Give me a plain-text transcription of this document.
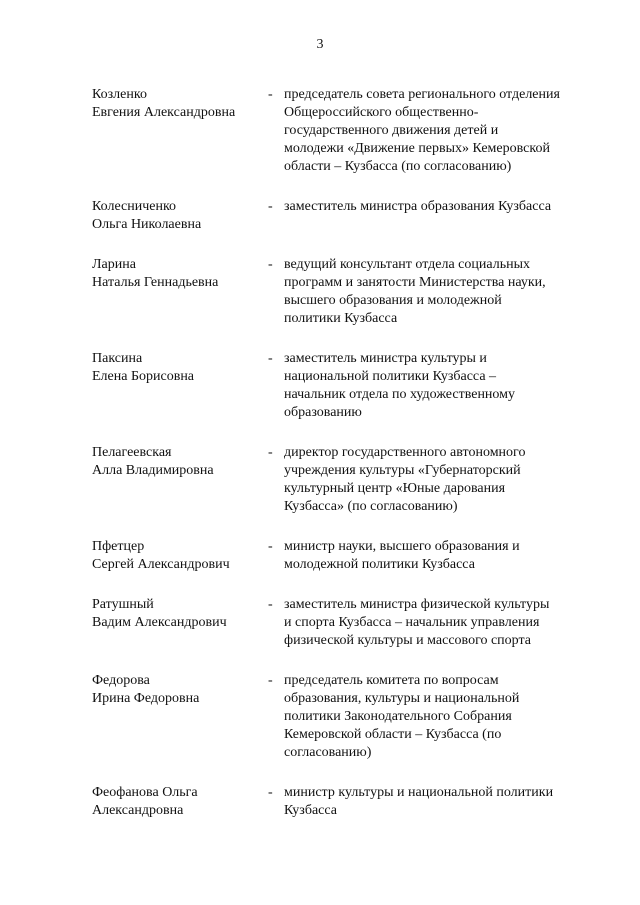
3
Козленко
Евгения Александровна
- председатель совета регионального отделения
Общероссийского общественно-
государственного движения детей и
молодежи «Движение первых» Кемеровской
области – Кузбасса (по согласованию)
Колесниченко
Ольга Николаевна
- заместитель министра образования Кузбасса
Ларина
Наталья Геннадьевна
- ведущий консультант отдела социальных
программ и занятости Министерства науки,
высшего образования и молодежной
политики Кузбасса
Паксина
Елена Борисовна
- заместитель министра культуры и
национальной политики Кузбасса –
начальник отдела по художественному
образованию
Пелагеевская
Алла Владимировна
- директор государственного автономного
учреждения культуры «Губернаторский
культурный центр «Юные дарования
Кузбасса» (по согласованию)
Пфетцер
Сергей Александрович
- министр науки, высшего образования и
молодежной политики Кузбасса
Ратушный
Вадим Александрович
- заместитель министра физической культуры
и спорта Кузбасса – начальник управления
физической культуры и массового спорта
Федорова
Ирина Федоровна
- председатель комитета по вопросам
образования, культуры и национальной
политики Законодательного Собрания
Кемеровской области – Кузбасса (по
согласованию)
Феофанова Ольга
Александровна
- министр культуры и национальной политики
Кузбасса
